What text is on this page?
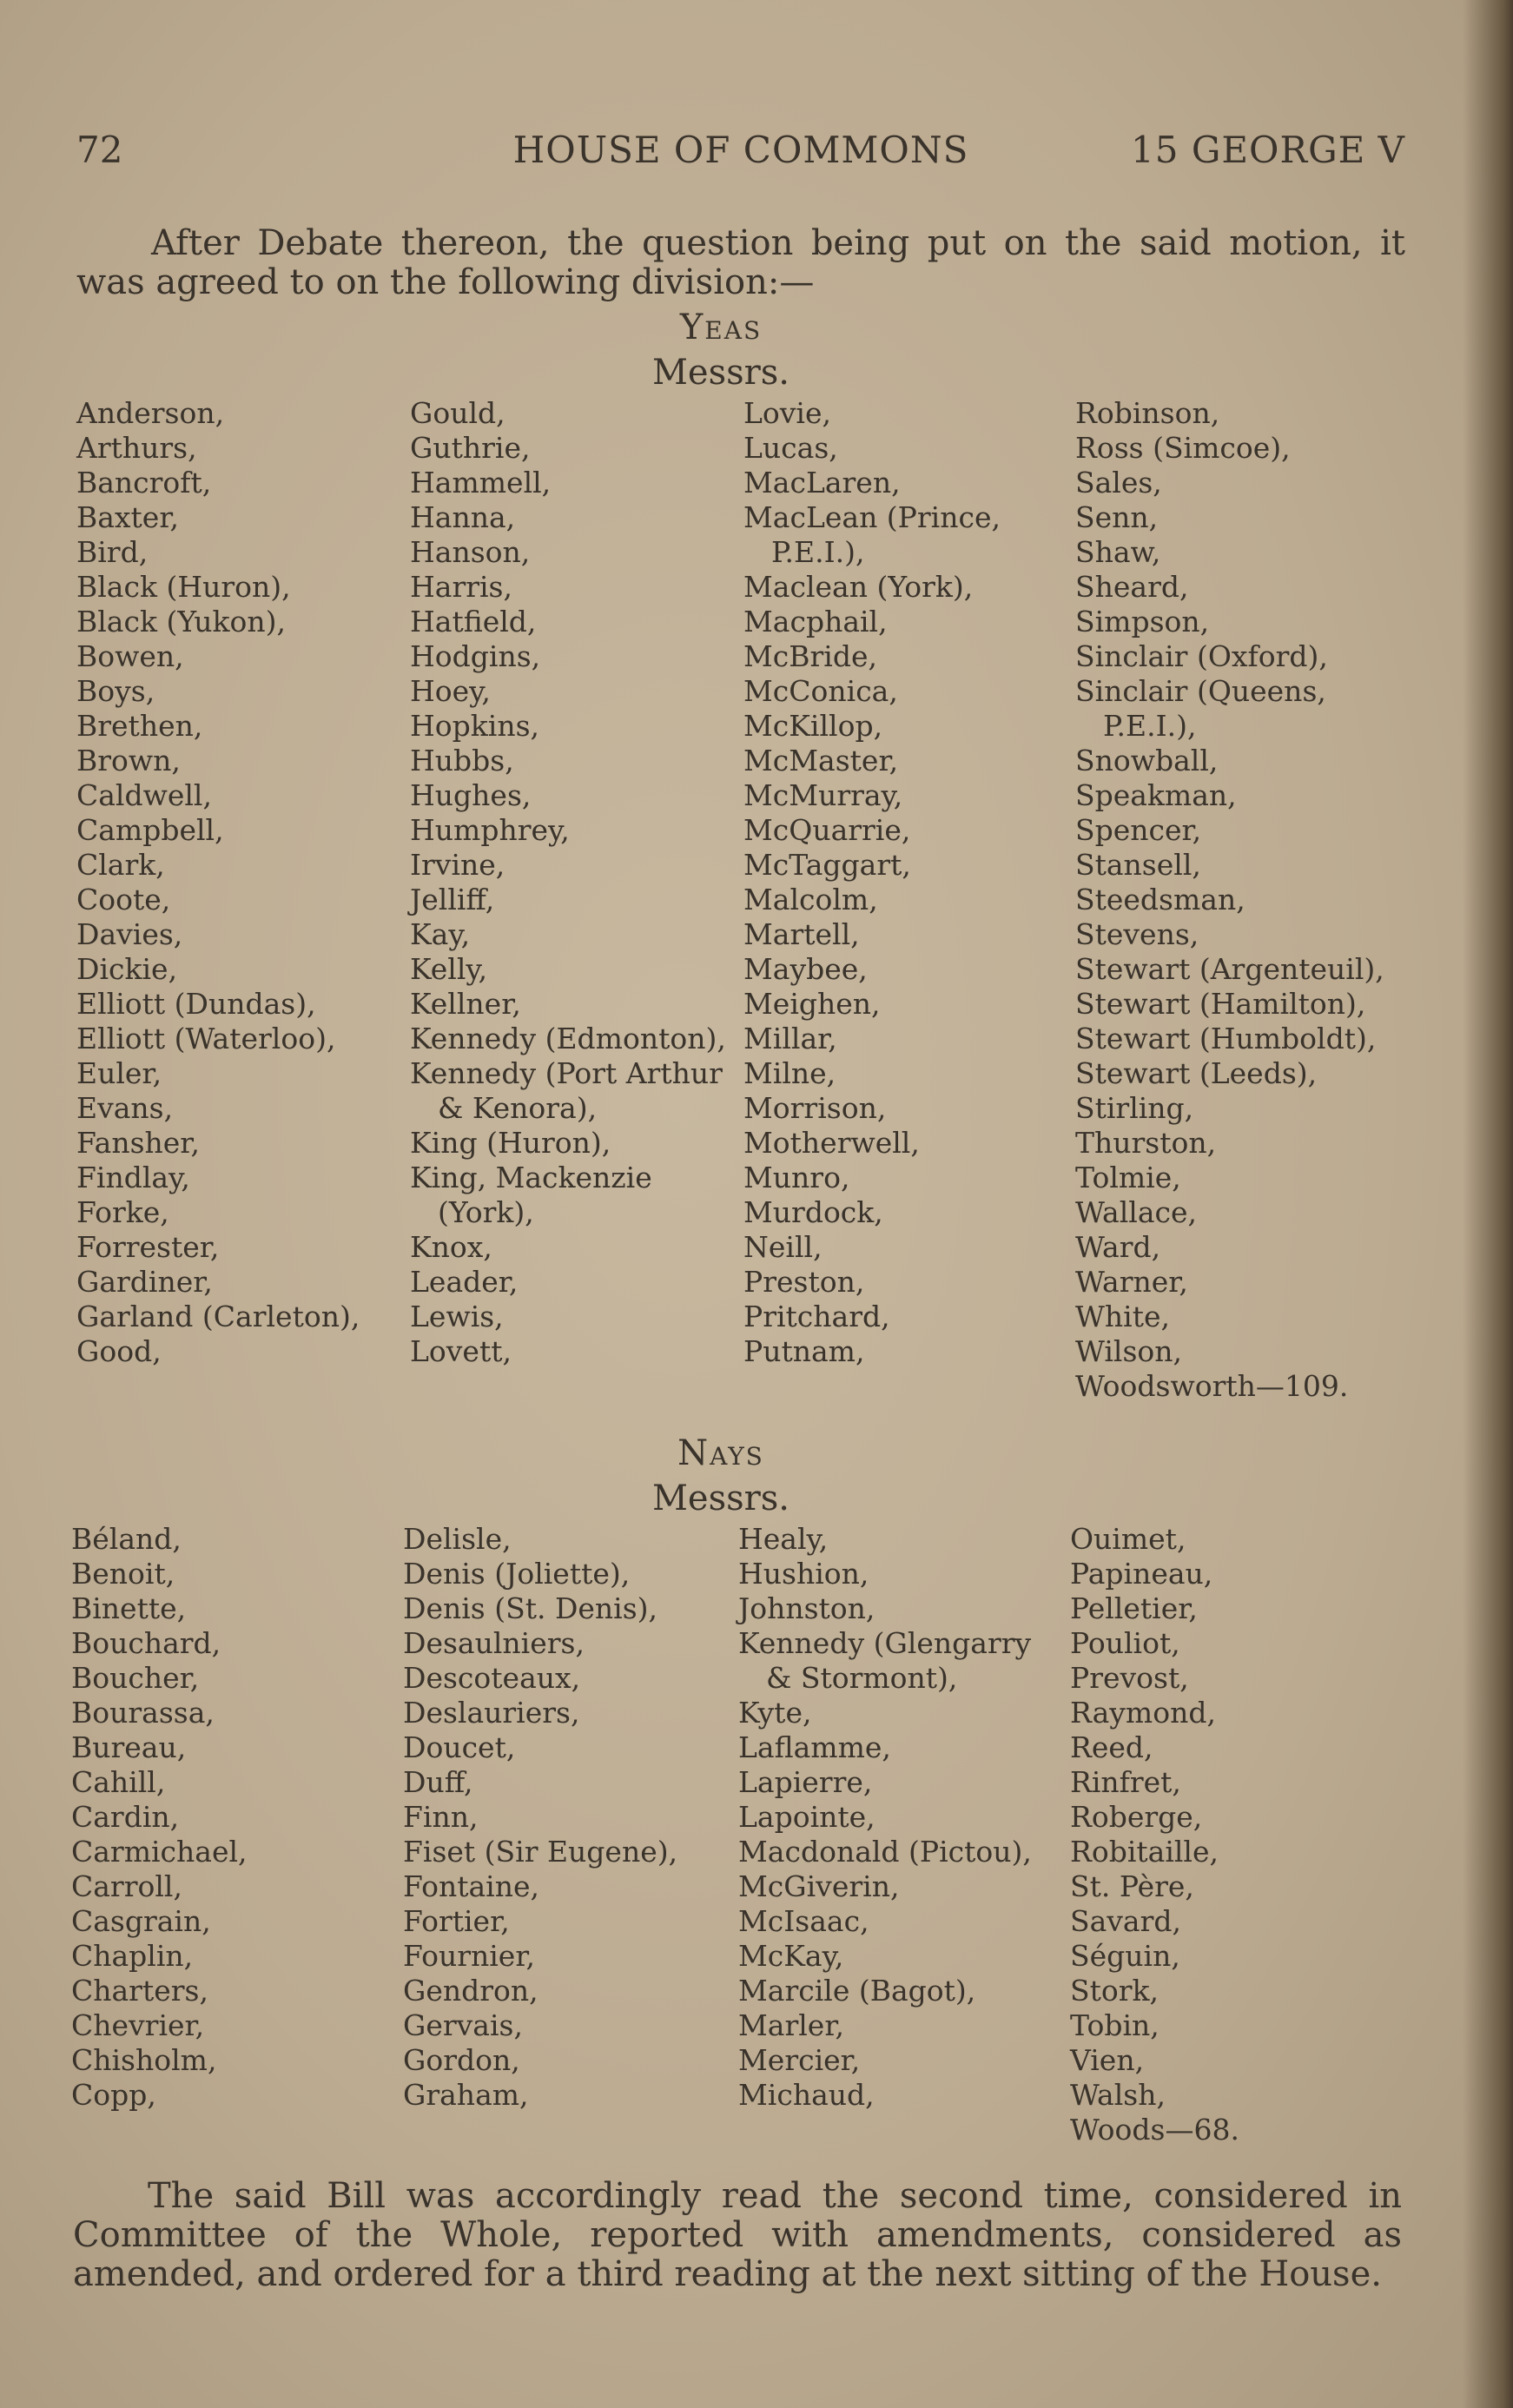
72	HOUSE OF COMMONS	15 GEORGE V

After Debate thereon, the question being put on the said motion, it was agreed to on the following division:—

Yeas
Messrs.
Anderson,
Arthurs,
Bancroft,
Baxter,
Bird,
Black (Huron),
Black (Yukon),
Bowen,
Boys,
Brethen,
Brown,
Caldwell,
Campbell,
Clark,
Coote,
Davies,
Dickie,
Elliott (Dundas),
Elliott (Waterloo),
Euler,
Evans,
Fansher,
Findlay,
Forke,
Forrester,
Gardiner,
Garland (Carleton),
Good,
Gould,
Guthrie,
Hammell,
Hanna,
Hanson,
Harris,
Hatfield,
Hodgins,
Hoey,
Hopkins,
Hubbs,
Hughes,
Humphrey,
Irvine,
Jelliff,
Kay,
Kelly,
Kellner,
Kennedy (Edmonton),
Kennedy (Port Arthur
& Kenora),
King (Huron),
King, Mackenzie
(York),
Knox,
Leader,
Lewis,
Lovett,
Lovie,
Lucas,
MacLaren,
MacLean (Prince,
P.E.I.),
Maclean (York),
Macphail,
McBride,
McConica,
McKillop,
McMaster,
McMurray,
McQuarrie,
McTaggart,
Malcolm,
Martell,
Maybee,
Meighen,
Millar,
Milne,
Morrison,
Motherwell,
Munro,
Murdock,
Neill,
Preston,
Pritchard,
Putnam,
Robinson,
Ross (Simcoe),
Sales,
Senn,
Shaw,
Sheard,
Simpson,
Sinclair (Oxford),
Sinclair (Queens,
P.E.I.),
Snowball,
Speakman,
Spencer,
Stansell,
Steedsman,
Stevens,
Stewart (Argenteuil),
Stewart (Hamilton),
Stewart (Humboldt),
Stewart (Leeds),
Stirling,
Thurston,
Tolmie,
Wallace,
Ward,
Warner,
White,
Wilson,
Woodsworth—109.
Nays
Messrs.
Béland,
Benoit,
Binette,
Bouchard,
Boucher,
Bourassa,
Bureau,
Cahill,
Cardin,
Carmichael,
Carroll,
Casgrain,
Chaplin,
Charters,
Chevrier,
Chisholm,
Copp,
Delisle,
Denis (Joliette),
Denis (St. Denis),
Desaulniers,
Descoteaux,
Deslauriers,
Doucet,
Duff,
Finn,
Fiset (Sir Eugene),
Fontaine,
Fortier,
Fournier,
Gendron,
Gervais,
Gordon,
Graham,
Healy,
Hushion,
Johnston,
Kennedy (Glengarry
& Stormont),
Kyte,
Laflamme,
Lapierre,
Lapointe,
Macdonald (Pictou),
McGiverin,
McIsaac,
McKay,
Marcile (Bagot),
Marler,
Mercier,
Michaud,
Ouimet,
Papineau,
Pelletier,
Pouliot,
Prevost,
Raymond,
Reed,
Rinfret,
Roberge,
Robitaille,
St. Père,
Savard,
Séguin,
Stork,
Tobin,
Vien,
Walsh,
Woods—68.

The said Bill was accordingly read the second time, considered in Committee of the Whole, reported with amendments, considered as amended, and ordered for a third reading at the next sitting of the House.
